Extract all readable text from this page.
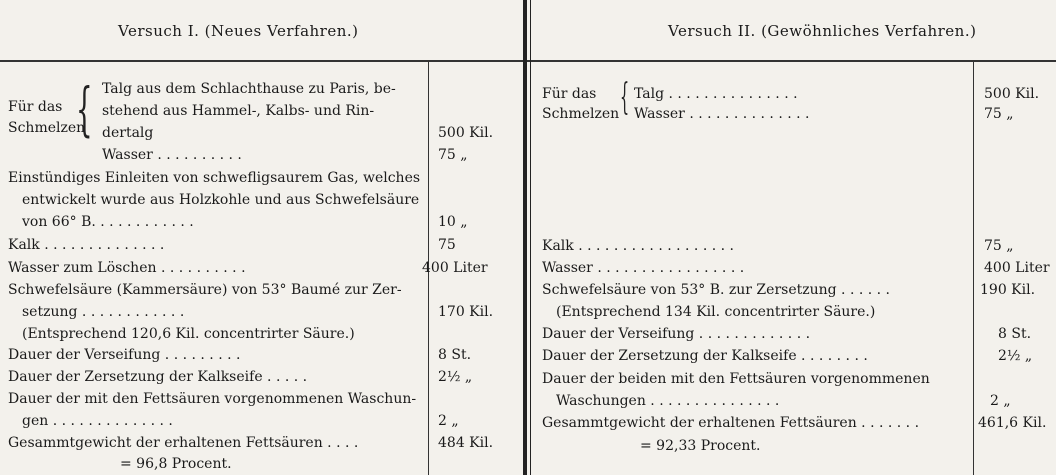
Versuch I. (Neues Verfahren.)	Versuch II. (Gewöhnliches Verfahren.)
Für das
Schmelzen
{ Talg aus dem Schlachthause zu Paris, be-
stehend aus Hammel-, Kalbs- und Rin-
dertalg	500 Kil.
Wasser . . . . . . . . . .	75 „
Einstündiges Einleiten von schwefligsaurem Gas, welches
entwickelt wurde aus Holzkohle und aus Schwefelsäure
von 66° B. . . . . . . . . . . .	10 „
Kalk . . . . . . . . . . . . . .	75
Wasser zum Löschen . . . . . . . . . .	400 Liter
Schwefelsäure (Kammersäure) von 53° Baumé zur Zer-
setzung . . . . . . . . . . . .	170 Kil.
(Entsprechend 120,6 Kil. concentrirter Säure.)
Dauer der Verseifung . . . . . . . . .	8 St.
Dauer der Zersetzung der Kalkseife . . . . .	2½ „
Dauer der mit den Fettsäuren vorgenommenen Waschun-
gen . . . . . . . . . . . . . .	2 „
Gesammtgewicht der erhaltenen Fettsäuren . . . .	484 Kil.
= 96,8 Procent.
Für das
Schmelzen { Talg . . . . . . . . . . . . . . .	500 Kil.
Wasser . . . . . . . . . . . . . .	75 „
Kalk . . . . . . . . . . . . . . . . . .	75 „
Wasser . . . . . . . . . . . . . . . . .	400 Liter
Schwefelsäure von 53° B. zur Zersetzung . . . . . .	190 Kil.
(Entsprechend 134 Kil. concentrirter Säure.)
Dauer der Verseifung . . . . . . . . . . . . .	8 St.
Dauer der Zersetzung der Kalkseife . . . . . . . .	2½ „
Dauer der beiden mit den Fettsäuren vorgenommenen
Waschungen . . . . . . . . . . . . . . .	2 „
Gesammtgewicht der erhaltenen Fettsäuren . . . . . . .	461,6 Kil.
= 92,33 Procent.
